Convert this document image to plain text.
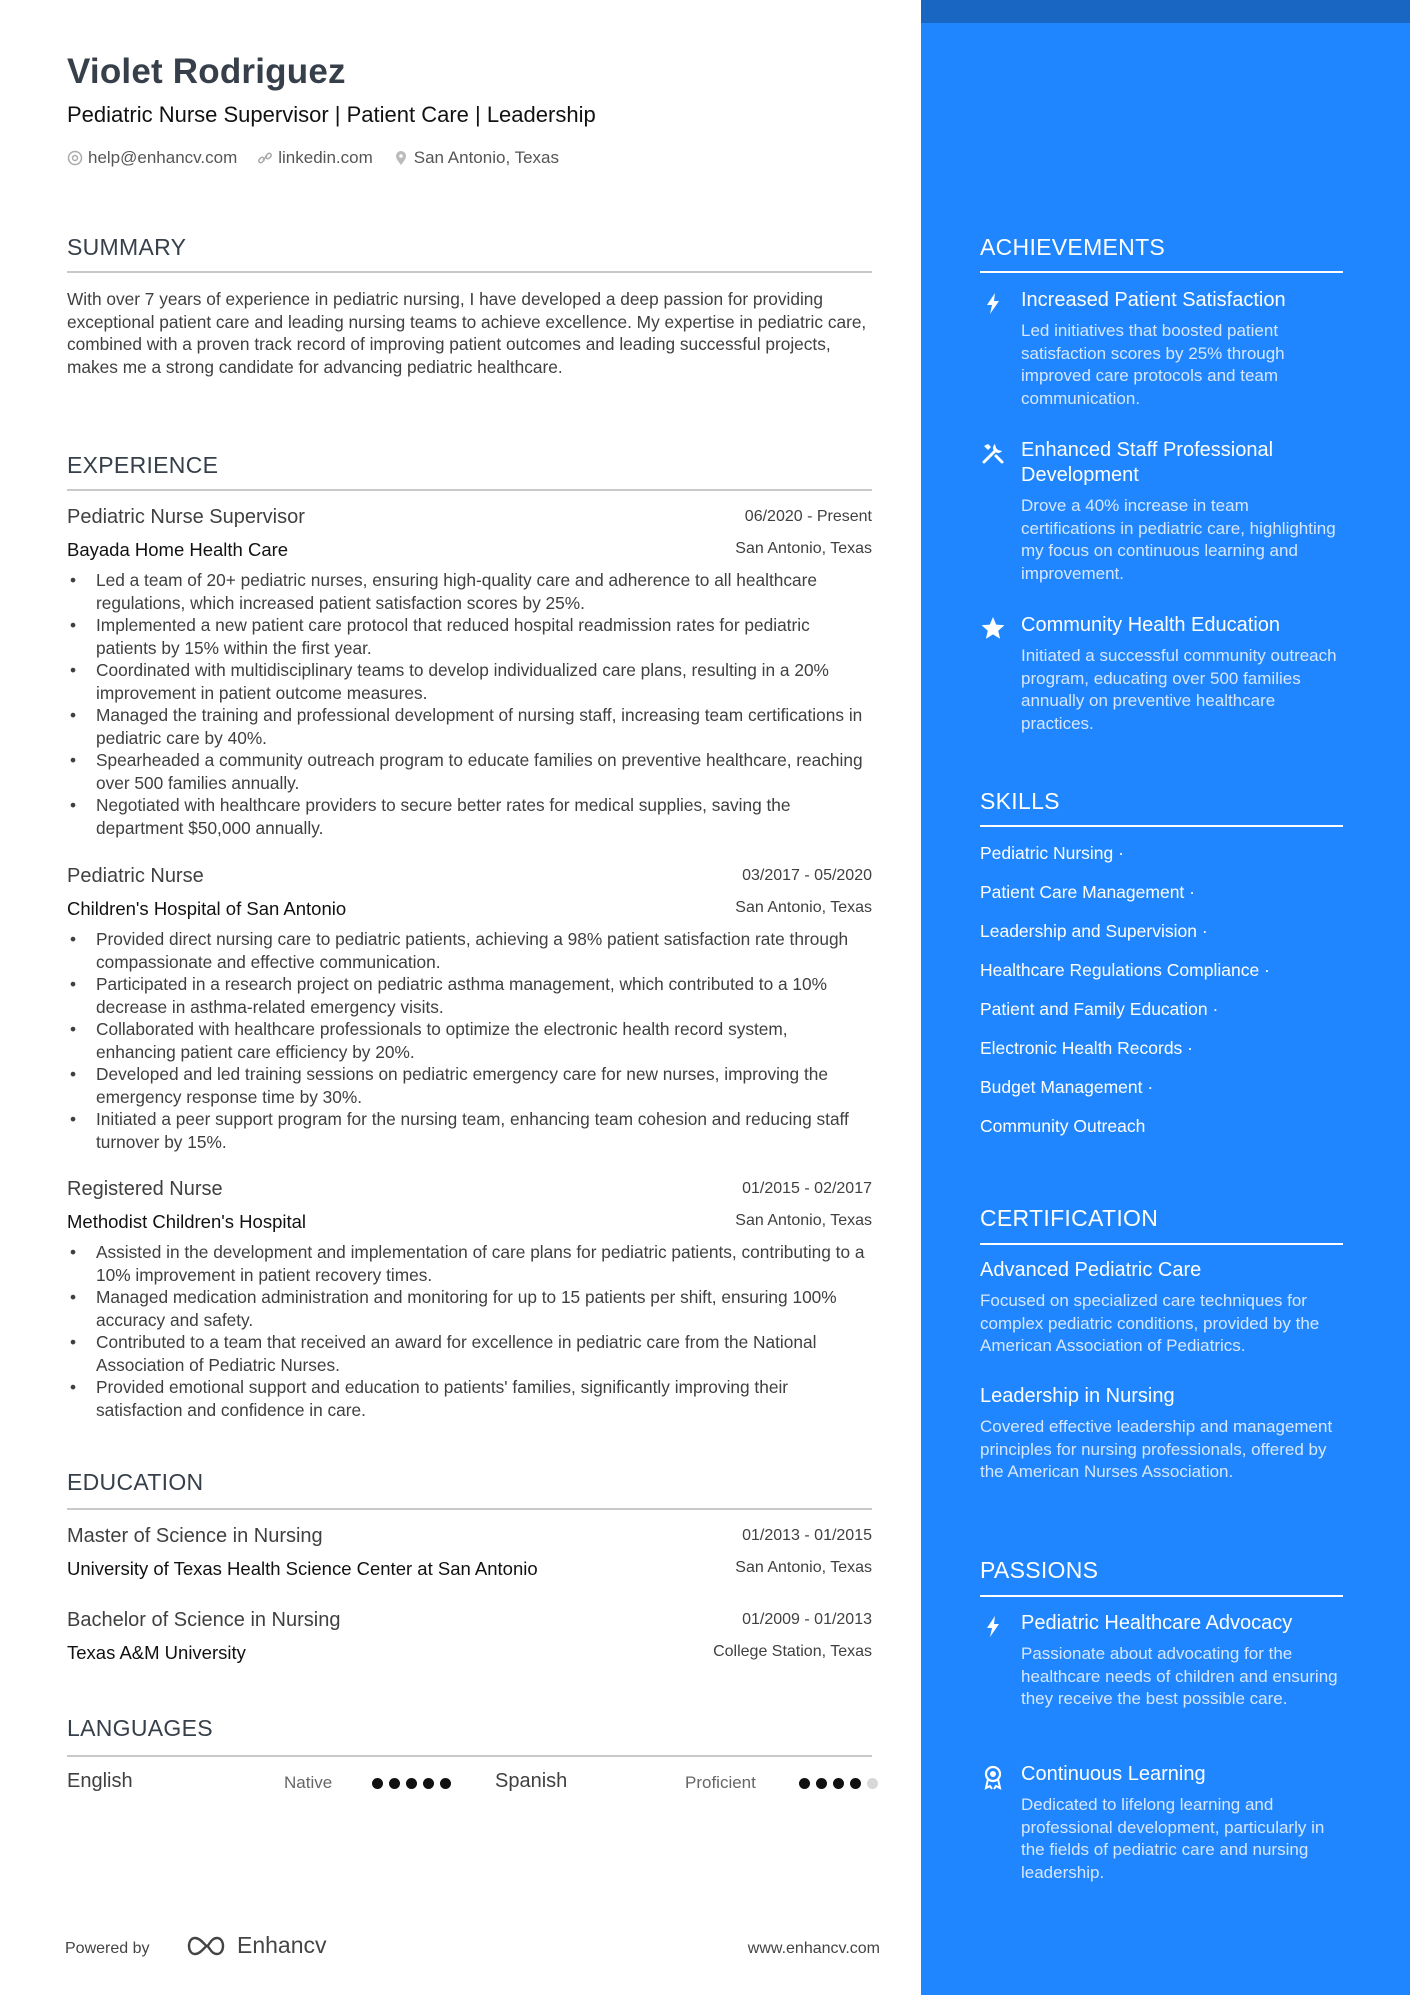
Violet Rodriguez
Pediatric Nurse Supervisor | Patient Care | Leadership
help@enhancv.com linkedin.com San Antonio, Texas
SUMMARY
With over 7 years of experience in pediatric nursing, I have developed a deep passion for providing exceptional patient care and leading nursing teams to achieve excellence. My expertise in pediatric care, combined with a proven track record of improving patient outcomes and leading successful projects, makes me a strong candidate for advancing pediatric healthcare.
EXPERIENCE
Pediatric Nurse Supervisor	06/2020 - Present
Bayada Home Health Care	San Antonio, Texas
• Led a team of 20+ pediatric nurses, ensuring high-quality care and adherence to all healthcare regulations, which increased patient satisfaction scores by 25%.
• Implemented a new patient care protocol that reduced hospital readmission rates for pediatric patients by 15% within the first year.
• Coordinated with multidisciplinary teams to develop individualized care plans, resulting in a 20% improvement in patient outcome measures.
• Managed the training and professional development of nursing staff, increasing team certifications in pediatric care by 40%.
• Spearheaded a community outreach program to educate families on preventive healthcare, reaching over 500 families annually.
• Negotiated with healthcare providers to secure better rates for medical supplies, saving the department $50,000 annually.
Pediatric Nurse	03/2017 - 05/2020
Children's Hospital of San Antonio	San Antonio, Texas
• Provided direct nursing care to pediatric patients, achieving a 98% patient satisfaction rate through compassionate and effective communication.
• Participated in a research project on pediatric asthma management, which contributed to a 10% decrease in asthma-related emergency visits.
• Collaborated with healthcare professionals to optimize the electronic health record system, enhancing patient care efficiency by 20%.
• Developed and led training sessions on pediatric emergency care for new nurses, improving the emergency response time by 30%.
• Initiated a peer support program for the nursing team, enhancing team cohesion and reducing staff turnover by 15%.
Registered Nurse	01/2015 - 02/2017
Methodist Children's Hospital	San Antonio, Texas
• Assisted in the development and implementation of care plans for pediatric patients, contributing to a 10% improvement in patient recovery times.
• Managed medication administration and monitoring for up to 15 patients per shift, ensuring 100% accuracy and safety.
• Contributed to a team that received an award for excellence in pediatric care from the National Association of Pediatric Nurses.
• Provided emotional support and education to patients' families, significantly improving their satisfaction and confidence in care.
EDUCATION
Master of Science in Nursing	01/2013 - 01/2015
University of Texas Health Science Center at San Antonio	San Antonio, Texas
Bachelor of Science in Nursing	01/2009 - 01/2013
Texas A&M University	College Station, Texas
LANGUAGES
English	Native	Spanish	Proficient
Powered by	Enhancv	www.enhancv.com
ACHIEVEMENTS
Increased Patient Satisfaction
Led initiatives that boosted patient satisfaction scores by 25% through improved care protocols and team communication.
Enhanced Staff Professional Development
Drove a 40% increase in team certifications in pediatric care, highlighting my focus on continuous learning and improvement.
Community Health Education
Initiated a successful community outreach program, educating over 500 families annually on preventive healthcare practices.
SKILLS
Pediatric Nursing ·
Patient Care Management ·
Leadership and Supervision ·
Healthcare Regulations Compliance ·
Patient and Family Education ·
Electronic Health Records ·
Budget Management ·
Community Outreach
CERTIFICATION
Advanced Pediatric Care
Focused on specialized care techniques for complex pediatric conditions, provided by the American Association of Pediatrics.
Leadership in Nursing
Covered effective leadership and management principles for nursing professionals, offered by the American Nurses Association.
PASSIONS
Pediatric Healthcare Advocacy
Passionate about advocating for the healthcare needs of children and ensuring they receive the best possible care.
Continuous Learning
Dedicated to lifelong learning and professional development, particularly in the fields of pediatric care and nursing leadership.
